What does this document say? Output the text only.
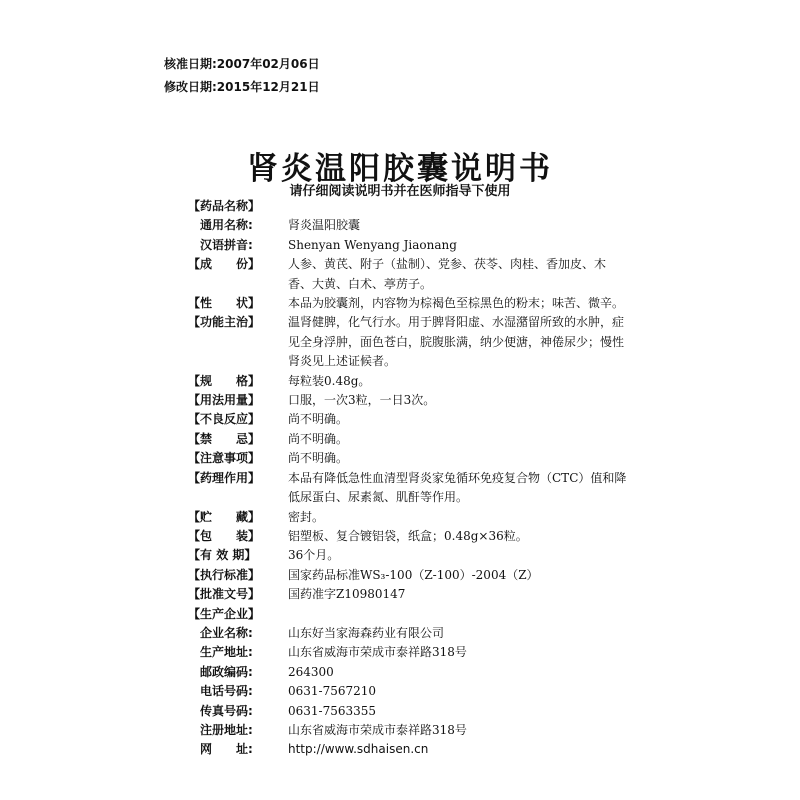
核准日期:2007年02月06日
修改日期:2015年12月21日
肾炎温阳胶囊说明书
请仔细阅读说明书并在医师指导下使用
【药品名称】
通用名称:	肾炎温阳胶囊
汉语拼音:	Shenyan Wenyang Jiaonang
【成　　份】	人参、黄芪、附子（盐制）、党参、茯苓、肉桂、香加皮、木香、大黄、白术、葶苈子。
【性　　状】	本品为胶囊剂，内容物为棕褐色至棕黑色的粉末；味苦、微辛。
【功能主治】	温肾健脾，化气行水。用于脾肾阳虚、水湿潴留所致的水肿，症见全身浮肿，面色苍白，脘腹胀满，纳少便溏，神倦尿少；慢性肾炎见上述证候者。
【规　　格】	每粒装0.48g。
【用法用量】	口服，一次3粒，一日3次。
【不良反应】	尚不明确。
【禁　　忌】	尚不明确。
【注意事项】	尚不明确。
【药理作用】	本品有降低急性血清型肾炎家兔循环免疫复合物（CTC）值和降低尿蛋白、尿素氮、肌酐等作用。
【贮　　藏】	密封。
【包　　装】	铝塑板、复合镀铝袋，纸盒；0.48g×36粒。
【有 效 期】	36个月。
【执行标准】	国家药品标准WS₃-100（Z-100）-2004（Z）
【批准文号】	国药准字Z10980147
【生产企业】
企业名称:	山东好当家海森药业有限公司
生产地址:	山东省威海市荣成市泰祥路318号
邮政编码:	264300
电话号码:	0631-7567210
传真号码:	0631-7563355
注册地址:	山东省威海市荣成市泰祥路318号
网　　址:	http://www.sdhaisen.cn
